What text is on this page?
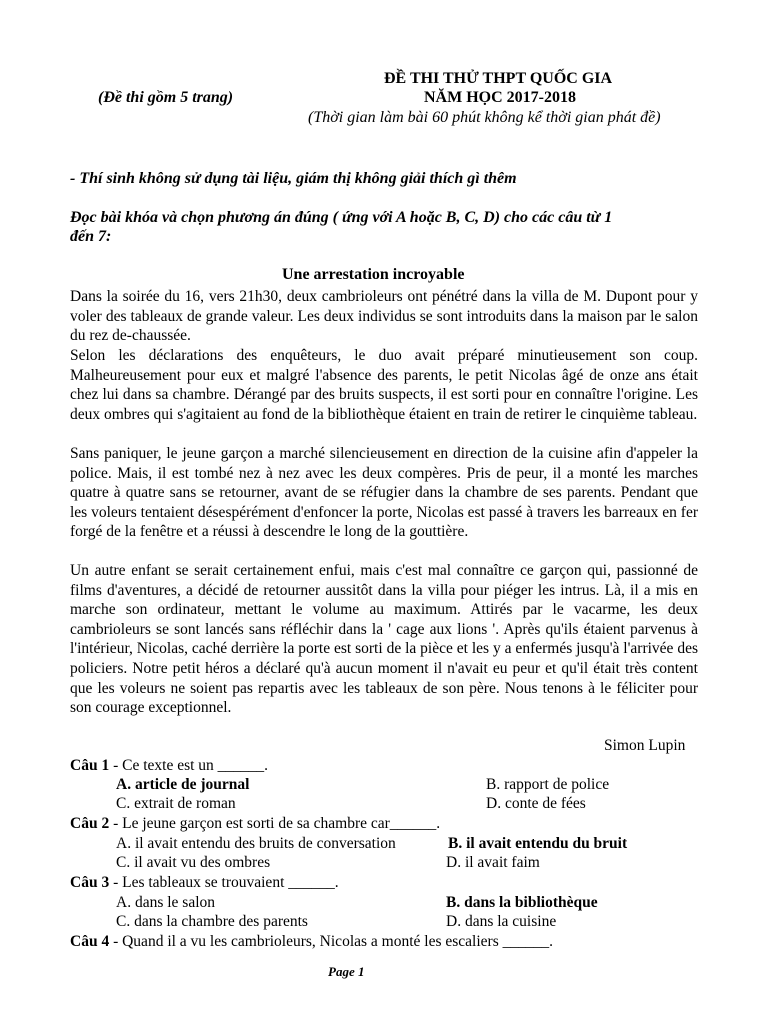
(Đề thi gồm 5 trang)
ĐỀ THI THỬ THPT QUỐC GIA
NĂM HỌC 2017-2018
(Thời gian làm bài 60 phút không kể thời gian phát đề)
- Thí sinh không sử dụng tài liệu, giám thị không giải thích gì thêm
Đọc bài khóa và chọn phương án đúng ( ứng với A hoặc B, C, D) cho các câu từ 1
đến 7:
Une arrestation incroyable
Dans la soirée du 16, vers 21h30, deux cambrioleurs ont pénétré dans la villa de M. Dupont pour y voler des tableaux de grande valeur. Les deux individus se sont introduits dans la maison par le salon du rez de-chaussée.
Selon les déclarations des enquêteurs, le duo avait préparé minutieusement son coup. Malheureusement pour eux et malgré l'absence des parents, le petit Nicolas âgé de onze ans était chez lui dans sa chambre. Dérangé par des bruits suspects, il est sorti pour en connaître l'origine. Les deux ombres qui s'agitaient au fond de la bibliothèque étaient en train de retirer le cinquième tableau.
Sans paniquer, le jeune garçon a marché silencieusement en direction de la cuisine afin d'appeler la police. Mais, il est tombé nez à nez avec les deux compères. Pris de peur, il a monté les marches quatre à quatre sans se retourner, avant de se réfugier dans la chambre de ses parents. Pendant que les voleurs tentaient désespérément d'enfoncer la porte, Nicolas est passé à travers les barreaux en fer forgé de la fenêtre et a réussi à descendre le long de la gouttière.
Un autre enfant se serait certainement enfui, mais c'est mal connaître ce garçon qui, passionné de films d'aventures, a décidé de retourner aussitôt dans la villa pour piéger les intrus. Là, il a mis en marche son ordinateur, mettant le volume au maximum. Attirés par le vacarme, les deux cambrioleurs se sont lancés sans réfléchir dans la ' cage aux lions '. Après qu'ils étaient parvenus à l'intérieur, Nicolas, caché derrière la porte est sorti de la pièce et les y a enfermés jusqu'à l'arrivée des policiers. Notre petit héros a déclaré qu'à aucun moment il n'avait eu peur et qu'il était très content que les voleurs ne soient pas repartis avec les tableaux de son père. Nous tenons à le féliciter pour son courage exceptionnel.
Simon Lupin
Câu 1 - Ce texte est un ______.
A. article de journal	B. rapport de police
C. extrait de roman	D. conte de fées
Câu 2 - Le jeune garçon est sorti de sa chambre car______.
A. il avait entendu des bruits de conversation	B. il avait entendu du bruit
C. il avait vu des ombres	D. il avait faim
Câu 3 - Les tableaux se trouvaient ______.
A. dans le salon	B. dans la bibliothèque
C. dans la chambre des parents	D. dans la cuisine
Câu 4 - Quand il a vu les cambrioleurs, Nicolas a monté les escaliers ______.
Page 1
